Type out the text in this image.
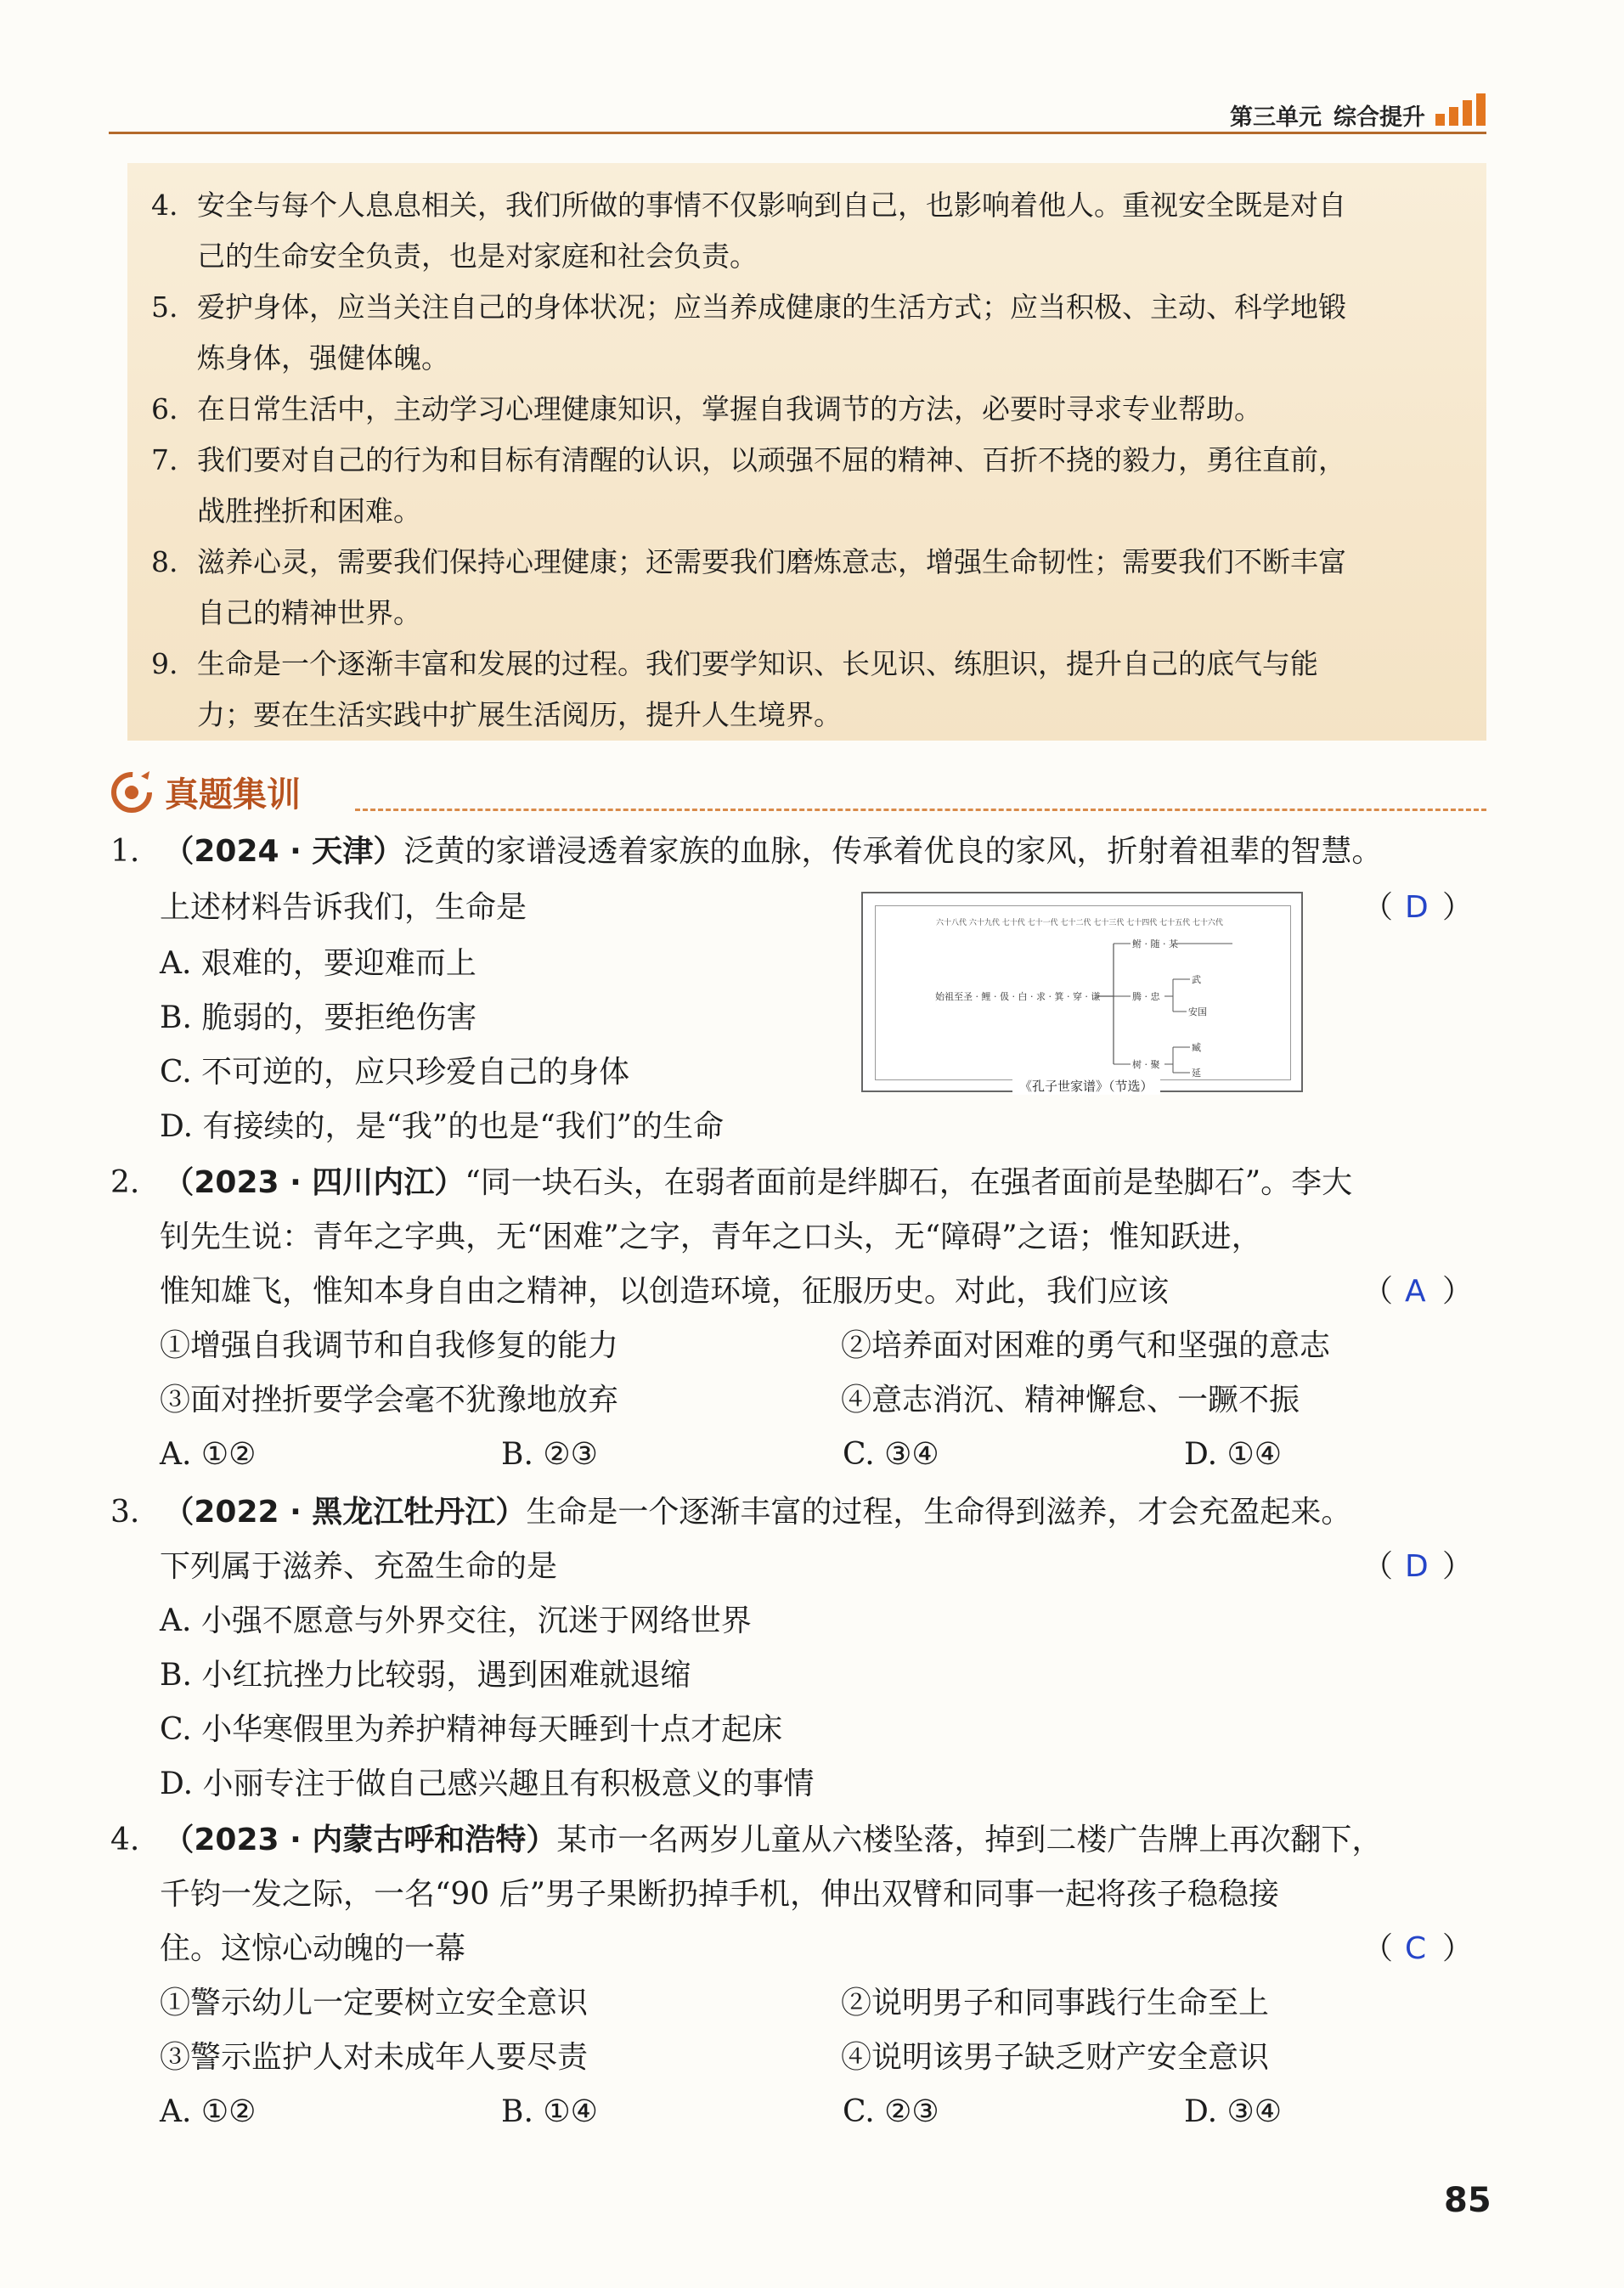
第三单元 综合提升
4. 安全与每个人息息相关，我们所做的事情不仅影响到自己，也影响着他人。重视安全既是对自
己的生命安全负责，也是对家庭和社会负责。
5. 爱护身体，应当关注自己的身体状况；应当养成健康的生活方式；应当积极、主动、科学地锻
炼身体，强健体魄。
6. 在日常生活中，主动学习心理健康知识，掌握自我调节的方法，必要时寻求专业帮助。
7. 我们要对自己的行为和目标有清醒的认识，以顽强不屈的精神、百折不挠的毅力，勇往直前，
战胜挫折和困难。
8. 滋养心灵，需要我们保持心理健康；还需要我们磨炼意志，增强生命韧性；需要我们不断丰富
自己的精神世界。
9. 生命是一个逐渐丰富和发展的过程。我们要学知识、长见识、练胆识，提升自己的底气与能
力；要在生活实践中扩展生活阅历，提升人生境界。
真题集训
1. （2024 · 天津）泛黄的家谱浸透着家族的血脉，传承着优良的家风，折射着祖辈的智慧。
上述材料告诉我们，生命是	（ D ）
A. 艰难的，要迎难而上
B. 脆弱的，要拒绝伤害
C. 不可逆的，应只珍爱自己的身体
D. 有接续的，是“我”的也是“我们”的生命
六十八代 六十九代 七十代 七十一代 七十二代 七十三代 七十四代 七十五代 七十六代
始祖至圣 · 鲤 · 伋 · 白 · 求 · 箕 · 穿 · 谦
鲋 · 随 · 某
腾 · 忠
武
安国
树 · 聚
臧
延
《孔子世家谱》（节选）
2. （2023 · 四川内江）“同一块石头，在弱者面前是绊脚石，在强者面前是垫脚石”。李大
钊先生说：青年之字典，无“困难”之字，青年之口头，无“障碍”之语；惟知跃进，
惟知雄飞，惟知本身自由之精神，以创造环境，征服历史。对此，我们应该	（ A ）
①增强自我调节和自我修复的能力	②培养面对困难的勇气和坚强的意志
③面对挫折要学会毫不犹豫地放弃	④意志消沉、精神懈怠、一蹶不振
A. ①②	B. ②③	C. ③④	D. ①④
3. （2022 · 黑龙江牡丹江）生命是一个逐渐丰富的过程，生命得到滋养，才会充盈起来。
下列属于滋养、充盈生命的是	（ D ）
A. 小强不愿意与外界交往，沉迷于网络世界
B. 小红抗挫力比较弱，遇到困难就退缩
C. 小华寒假里为养护精神每天睡到十点才起床
D. 小丽专注于做自己感兴趣且有积极意义的事情
4. （2023 · 内蒙古呼和浩特）某市一名两岁儿童从六楼坠落，掉到二楼广告牌上再次翻下，
千钧一发之际，一名“90 后”男子果断扔掉手机，伸出双臂和同事一起将孩子稳稳接
住。这惊心动魄的一幕	（ C ）
①警示幼儿一定要树立安全意识	②说明男子和同事践行生命至上
③警示监护人对未成年人要尽责	④说明该男子缺乏财产安全意识
A. ①②	B. ①④	C. ②③	D. ③④
85
